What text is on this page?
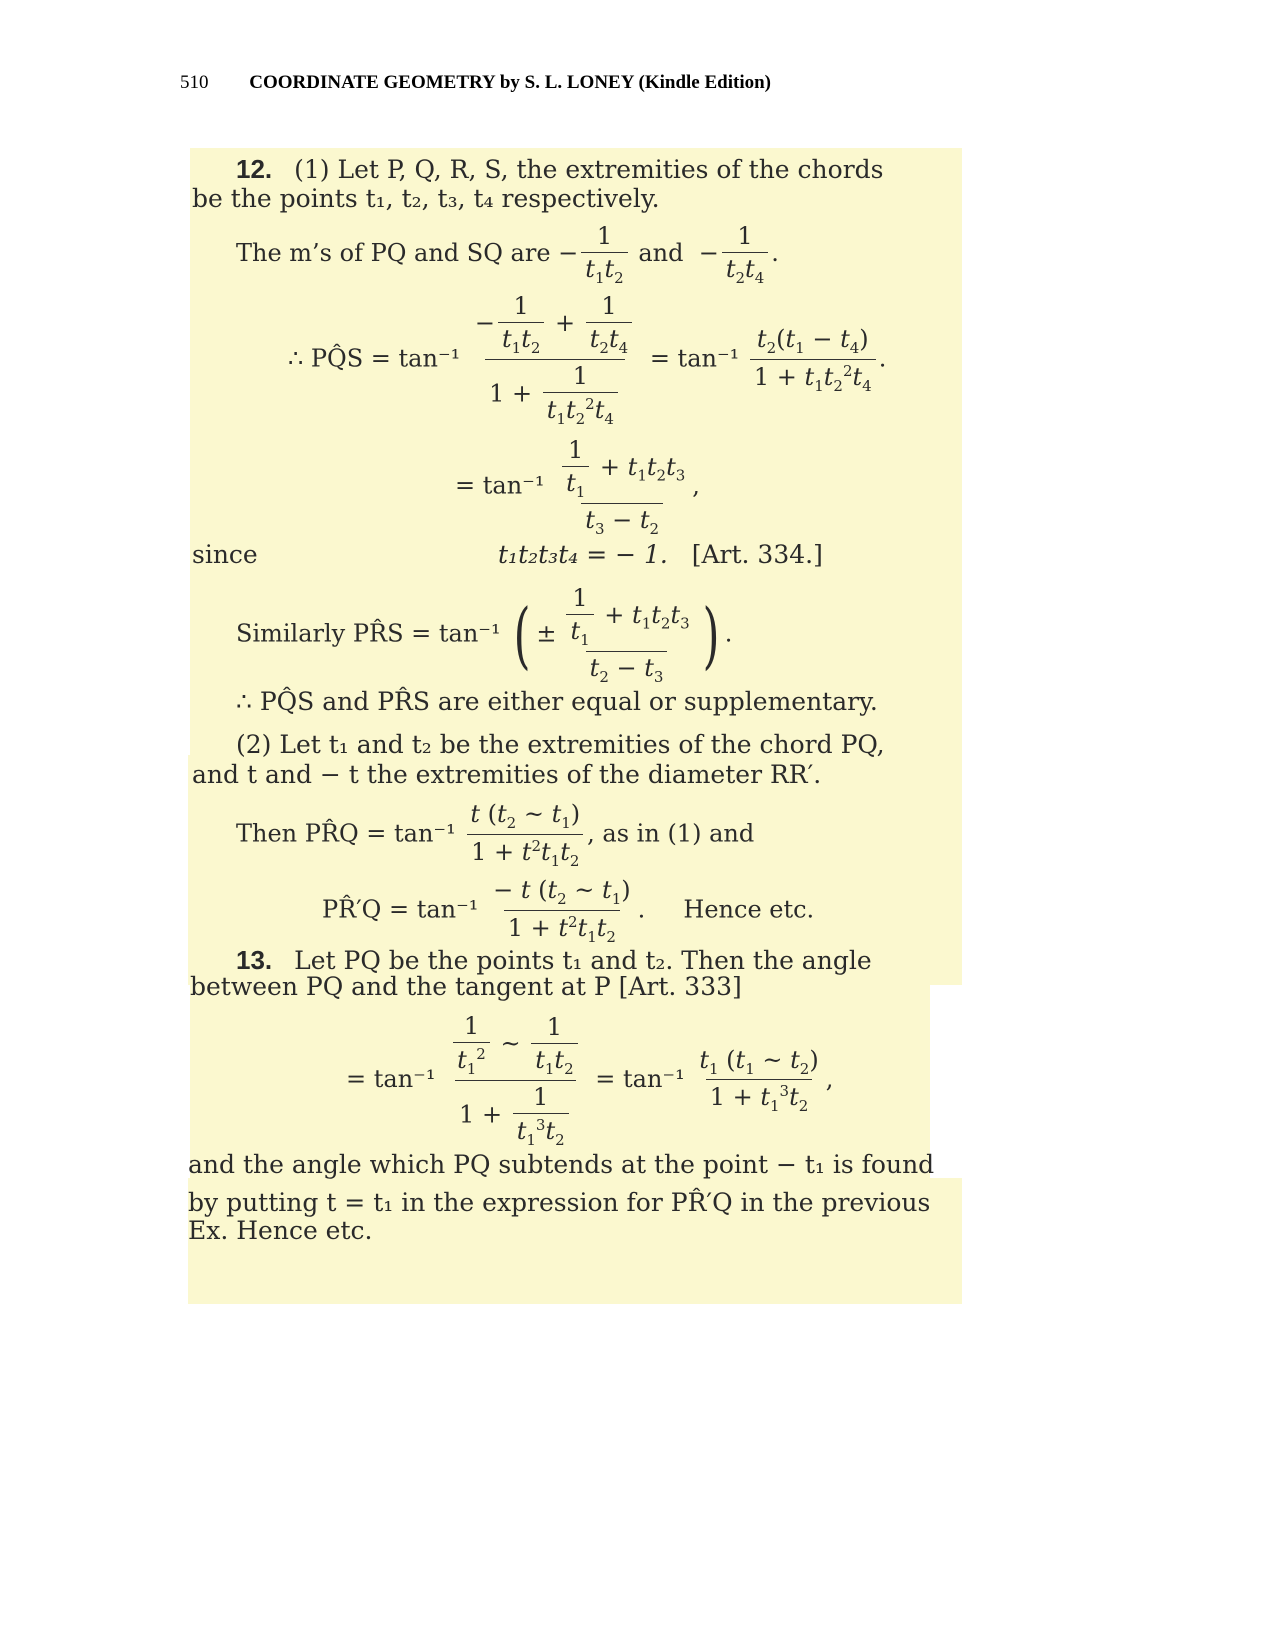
510 COORDINATE GEOMETRY by S. L. LONEY (Kindle Edition)
12. (1) Let P, Q, R, S, the extremities of the chords
be the points t₁, t₂, t₃, t₄ respectively.
The m’s of PQ and SQ are − $\frac{1}{t_1t_2}$ and  − $\frac{1}{t_2t_4}$ .
∴ PQ̂S = $\tan^{-1} \frac{- \frac{1}{t_1t_2} + \frac{1}{t_2t_4}}{1 + \frac{1}{t_1t_2^2t_4}} = \tan^{-1} \frac{t_2(t_1 - t_4)}{1 + t_1t_2^2t_4}$ .
= $\tan^{-1} \frac{\frac{1}{t_1} + t_1t_2t_3}{t_3 - t_2}$ ,
since	t₁t₂t₃t₄ = − 1. [Art. 334.]
Similarly PR̂S = tan⁻¹ ( ± $\frac{\frac{1}{t_1} + t_1t_2t_3}{t_2 - t_3}$ ) .
∴ PQ̂S and PR̂S are either equal or supplementary.
(2) Let t₁ and t₂ be the extremities of the chord PQ,
and t and − t the extremities of the diameter RR′.
Then PR̂Q = $\tan^{-1} \frac{t (t_2 \sim t_1)}{1 + t^2t_1t_2}$ , as in (1) and
PR̂′Q = $\tan^{-1} \frac{- t (t_2 \sim t_1)}{1 + t^2t_1t_2}$ .     Hence etc.
13. Let PQ be the points t₁ and t₂. Then the angle
between PQ and the tangent at P [Art. 333]
= $\tan^{-1} \frac{\frac{1}{t_1^2} \sim \frac{1}{t_1t_2}}{1 + \frac{1}{t_1^3t_2}} = \tan^{-1} \frac{t_1 (t_1 \sim t_2)}{1 + t_1^3t_2}$ ,
and the angle which PQ subtends at the point − t₁ is found
by putting t = t₁ in the expression for PR̂′Q in the previous
Ex. Hence etc.
